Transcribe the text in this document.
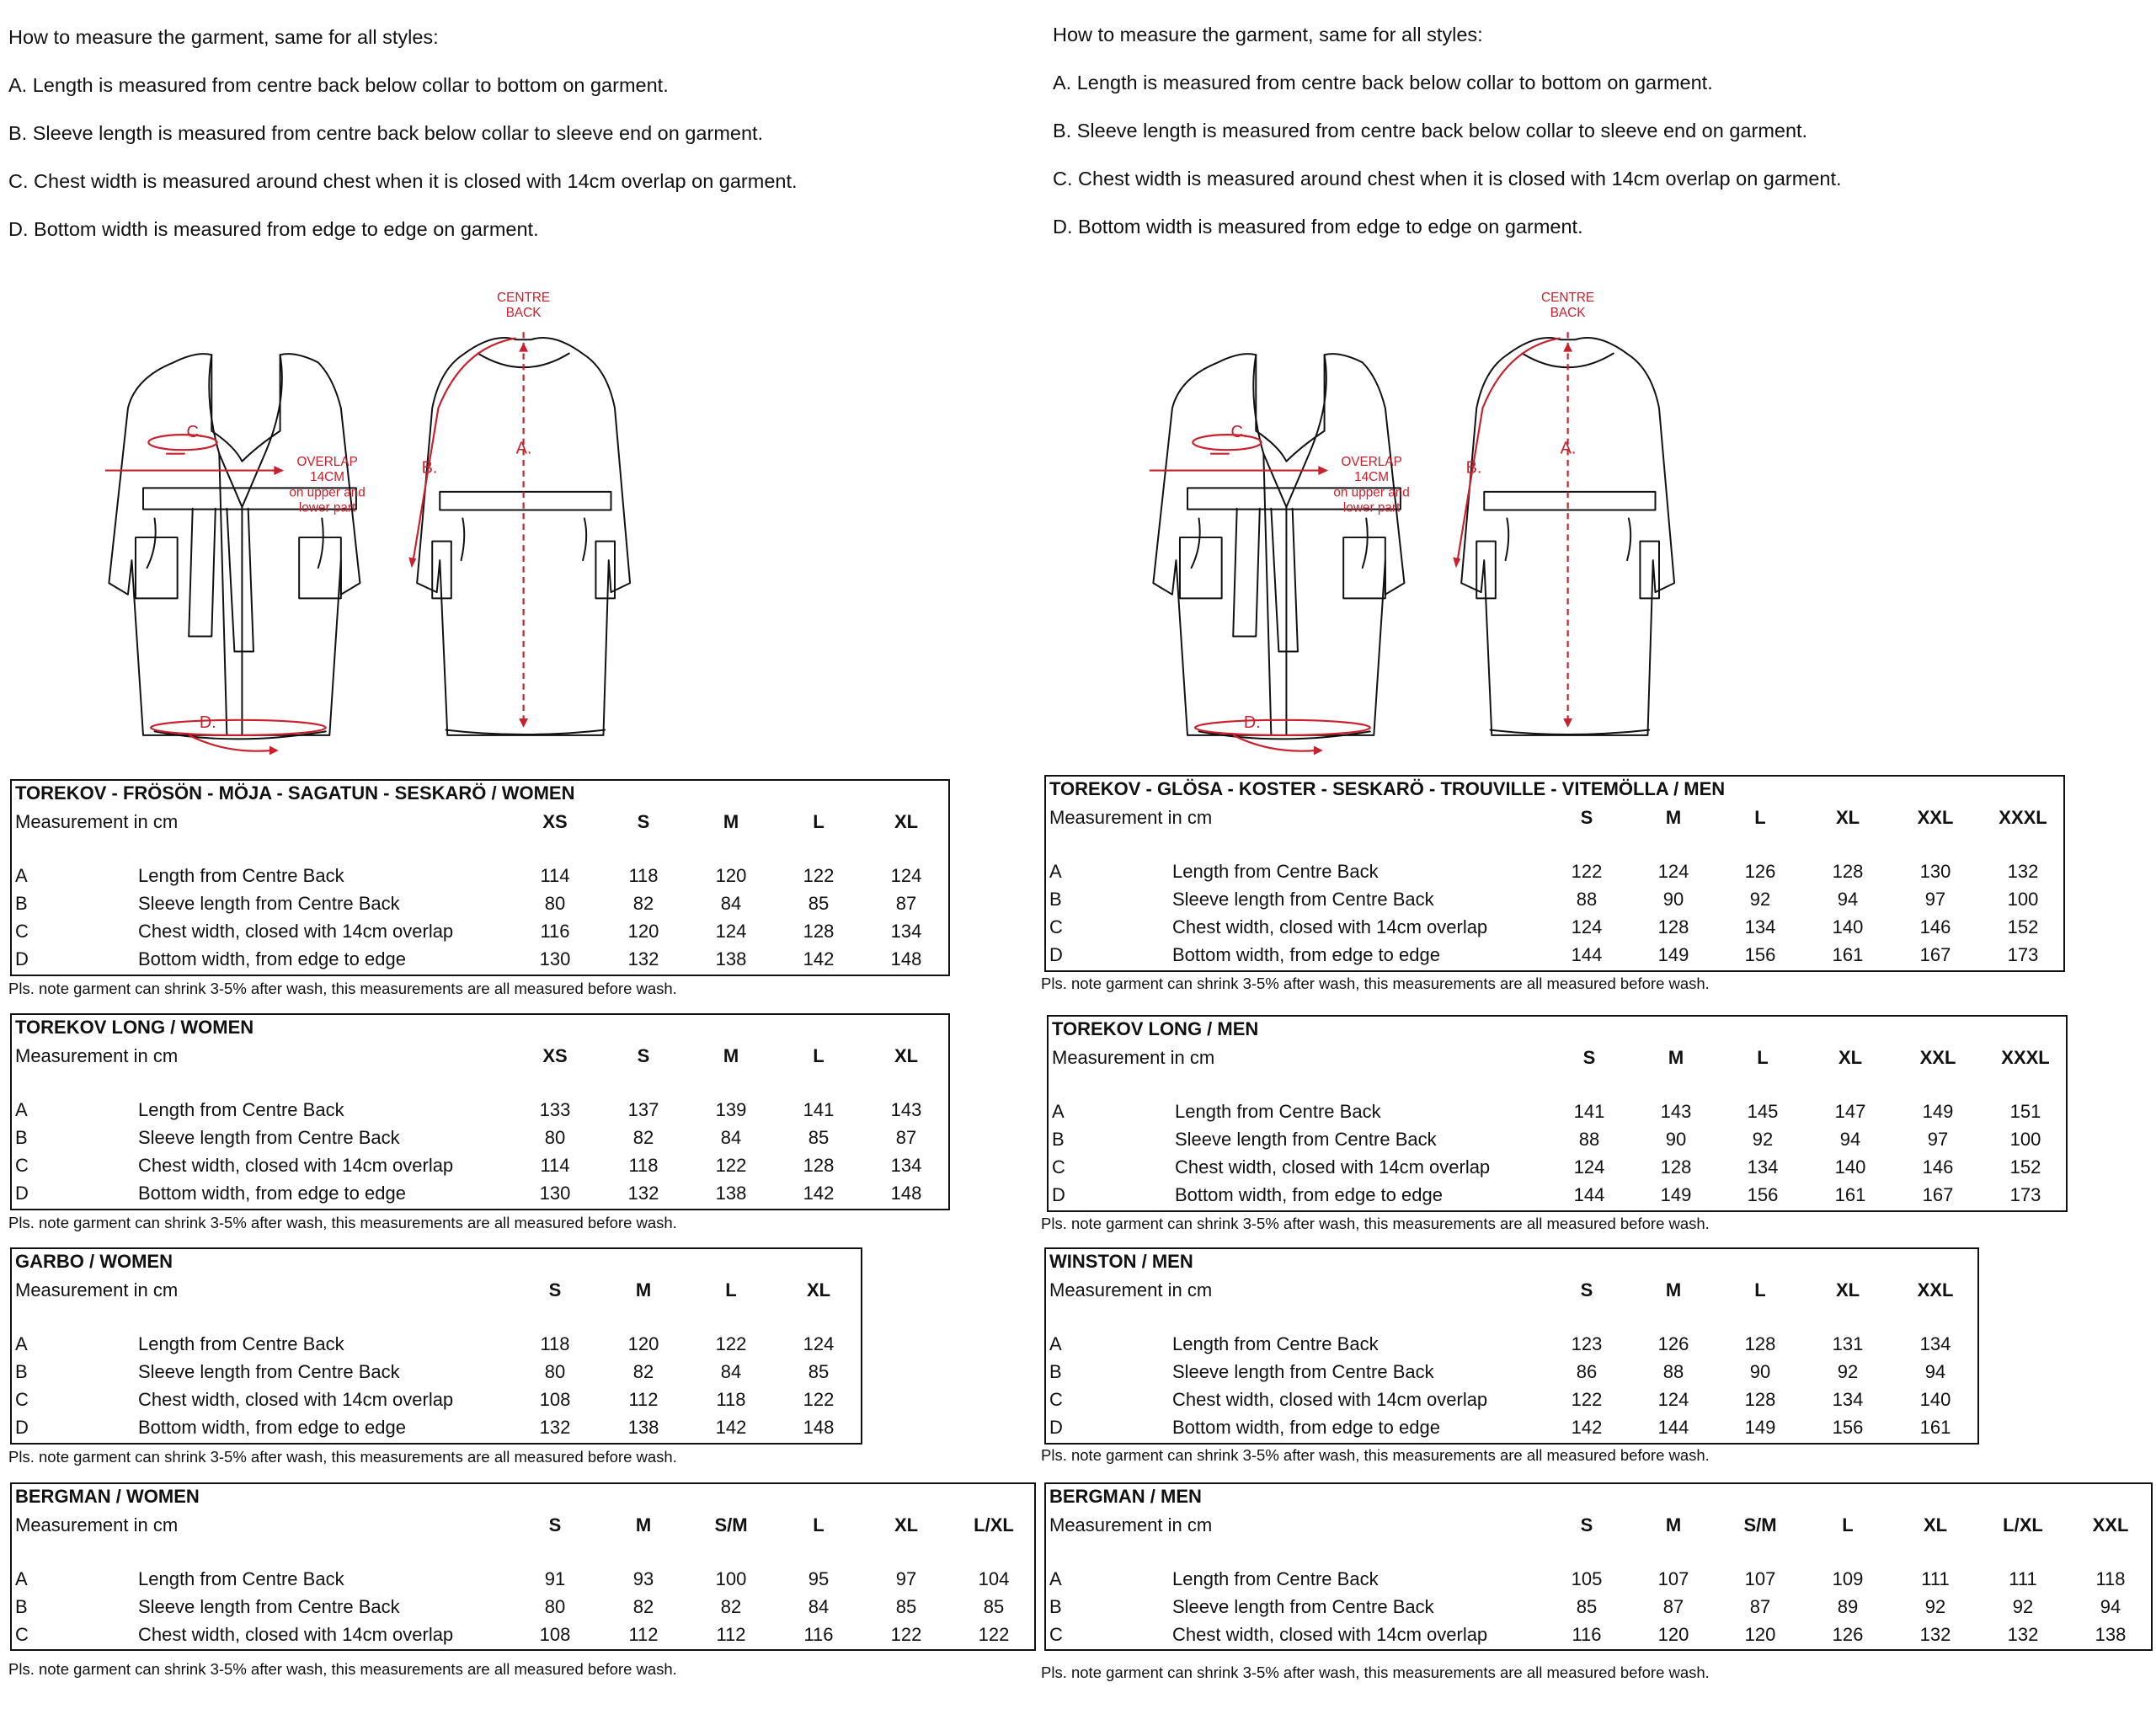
How to measure the garment, same for all styles:

A. Length is measured from centre back below collar to bottom on garment.

B. Sleeve length is measured from centre back below collar to sleeve end on garment.

C. Chest width is measured around chest when it is closed with 14cm overlap on garment.

D. Bottom width is measured from edge to edge on garment.

CENTRE
BACK
OVERLAP
14CM
on upper and
lower part
C.
D.
A.
B.

How to measure the garment, same for all styles:

A. Length is measured from centre back below collar to bottom on garment.

B. Sleeve length is measured from centre back below collar to sleeve end on garment.

C. Chest width is measured around chest when it is closed with 14cm overlap on garment.

D. Bottom width is measured from edge to edge on garment.

CENTRE
BACK
OVERLAP
14CM
on upper and
lower part
C.
D.
A.
B.
TOREKOV - FRÖSÖN - MÖJA - SAGATUN - SESKARÖ / WOMEN
Measurement in cm	XS	S	M	L	XL
A	Length from Centre Back	114	118	120	122	124
B	Sleeve length from Centre Back	80	82	84	85	87
C	Chest width, closed with 14cm overlap	116	120	124	128	134
D	Bottom width, from edge to edge	130	132	138	142	148
Pls. note garment can shrink 3-5% after wash, this measurements are all measured before wash.
TOREKOV LONG / WOMEN
Measurement in cm	XS	S	M	L	XL
A	Length from Centre Back	133	137	139	141	143
B	Sleeve length from Centre Back	80	82	84	85	87
C	Chest width, closed with 14cm overlap	114	118	122	128	134
D	Bottom width, from edge to edge	130	132	138	142	148
Pls. note garment can shrink 3-5% after wash, this measurements are all measured before wash.
GARBO / WOMEN
Measurement in cm	S	M	L	XL
A	Length from Centre Back	118	120	122	124
B	Sleeve length from Centre Back	80	82	84	85
C	Chest width, closed with 14cm overlap	108	112	118	122
D	Bottom width, from edge to edge	132	138	142	148
Pls. note garment can shrink 3-5% after wash, this measurements are all measured before wash.
BERGMAN / WOMEN
Measurement in cm	S	M	S/M	L	XL	L/XL
A	Length from Centre Back	91	93	100	95	97	104
B	Sleeve length from Centre Back	80	82	82	84	85	85
C	Chest width, closed with 14cm overlap	108	112	112	116	122	122
Pls. note garment can shrink 3-5% after wash, this measurements are all measured before wash.
TOREKOV - GLÖSA - KOSTER - SESKARÖ - TROUVILLE - VITEMÖLLA / MEN
Measurement in cm	S	M	L	XL	XXL	XXXL
A	Length from Centre Back	122	124	126	128	130	132
B	Sleeve length from Centre Back	88	90	92	94	97	100
C	Chest width, closed with 14cm overlap	124	128	134	140	146	152
D	Bottom width, from edge to edge	144	149	156	161	167	173
Pls. note garment can shrink 3-5% after wash, this measurements are all measured before wash.
TOREKOV LONG / MEN
Measurement in cm	S	M	L	XL	XXL	XXXL
A	Length from Centre Back	141	143	145	147	149	151
B	Sleeve length from Centre Back	88	90	92	94	97	100
C	Chest width, closed with 14cm overlap	124	128	134	140	146	152
D	Bottom width, from edge to edge	144	149	156	161	167	173
Pls. note garment can shrink 3-5% after wash, this measurements are all measured before wash.
WINSTON / MEN
Measurement in cm	S	M	L	XL	XXL
A	Length from Centre Back	123	126	128	131	134
B	Sleeve length from Centre Back	86	88	90	92	94
C	Chest width, closed with 14cm overlap	122	124	128	134	140
D	Bottom width, from edge to edge	142	144	149	156	161
Pls. note garment can shrink 3-5% after wash, this measurements are all measured before wash.
BERGMAN / MEN
Measurement in cm	S	M	S/M	L	XL	L/XL	XXL
A	Length from Centre Back	105	107	107	109	111	111	118
B	Sleeve length from Centre Back	85	87	87	89	92	92	94
C	Chest width, closed with 14cm overlap	116	120	120	126	132	132	138
Pls. note garment can shrink 3-5% after wash, this measurements are all measured before wash.
